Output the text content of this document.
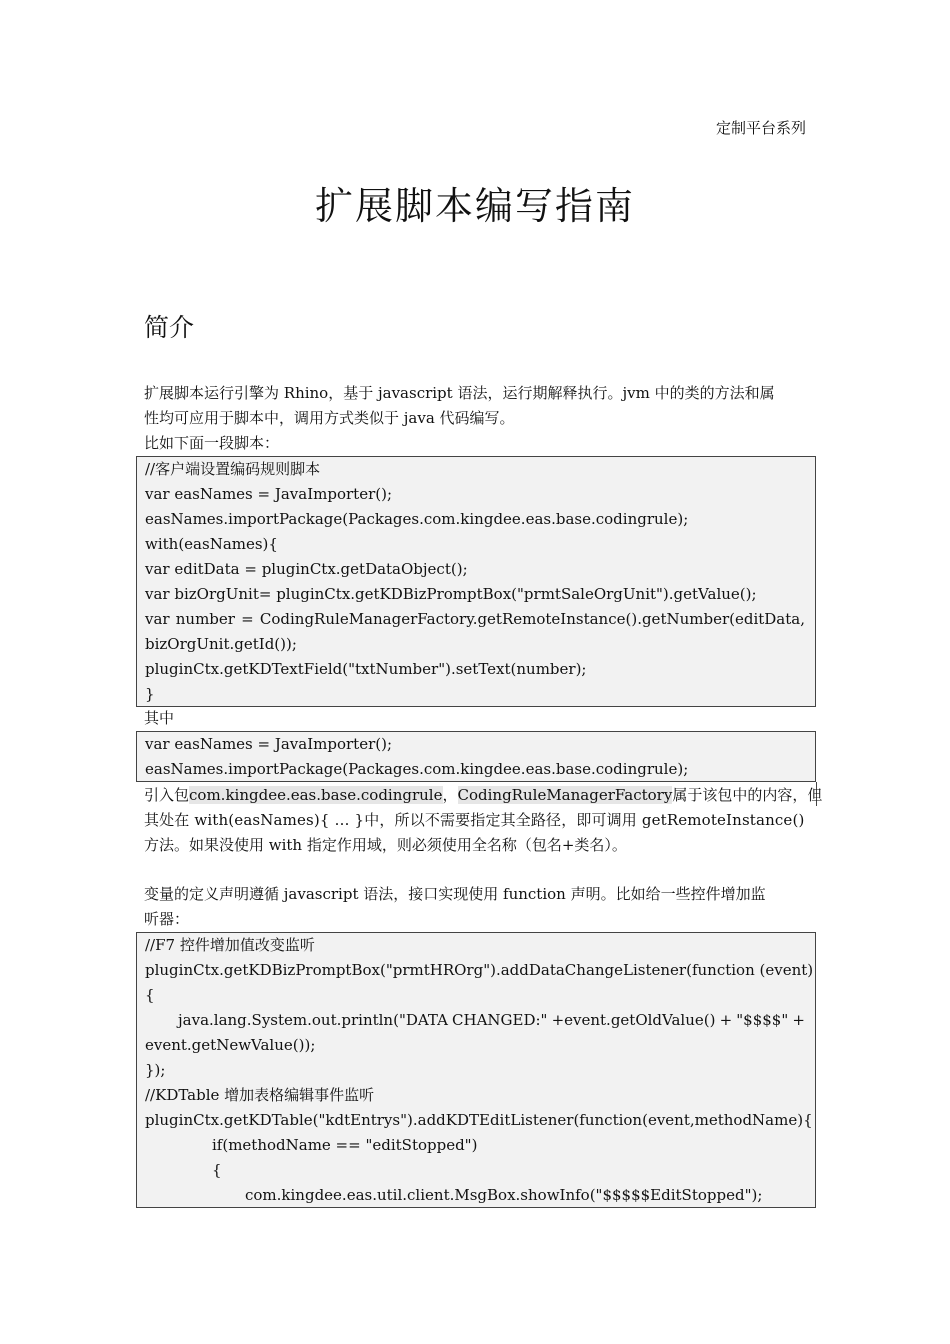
定制平台系列
扩展脚本编写指南
简介
扩展脚本运行引擎为 Rhino，基于 javascript 语法，运行期解释执行。jvm 中的类的方法和属
性均可应用于脚本中，调用方式类似于 java 代码编写。
比如下面一段脚本：
//客户端设置编码规则脚本
var easNames = JavaImporter();
easNames.importPackage(Packages.com.kingdee.eas.base.codingrule);
with(easNames){
var editData = pluginCtx.getDataObject();
var bizOrgUnit= pluginCtx.getKDBizPromptBox("prmtSaleOrgUnit").getValue();
var number = CodingRuleManagerFactory.getRemoteInstance().getNumber(editData,
bizOrgUnit.getId());
pluginCtx.getKDTextField("txtNumber").setText(number);
}
其中
var easNames = JavaImporter();
easNames.importPackage(Packages.com.kingdee.eas.base.codingrule);
引入包 com.kingdee.eas.base.codingrule，CodingRuleManagerFactory 属于该包中的内容，但
其处在 with(easNames){ … }中，所以不需要指定其全路径，即可调用 getRemoteInstance()
方法。如果没使用 with 指定作用域，则必须使用全名称（包名+类名）。
变量的定义声明遵循 javascript 语法，接口实现使用 function 声明。比如给一些控件增加监
听器：
//F7 控件增加值改变监听
pluginCtx.getKDBizPromptBox("prmtHROrg").addDataChangeListener(function (event)
{
java.lang.System.out.println("DATA CHANGED:" +event.getOldValue() + "$$$$" +
event.getNewValue());
});
//KDTable 增加表格编辑事件监听
pluginCtx.getKDTable("kdtEntrys").addKDTEditListener(function(event,methodName){
if(methodName == "editStopped")
{
com.kingdee.eas.util.client.MsgBox.showInfo("$$$$$EditStopped");
